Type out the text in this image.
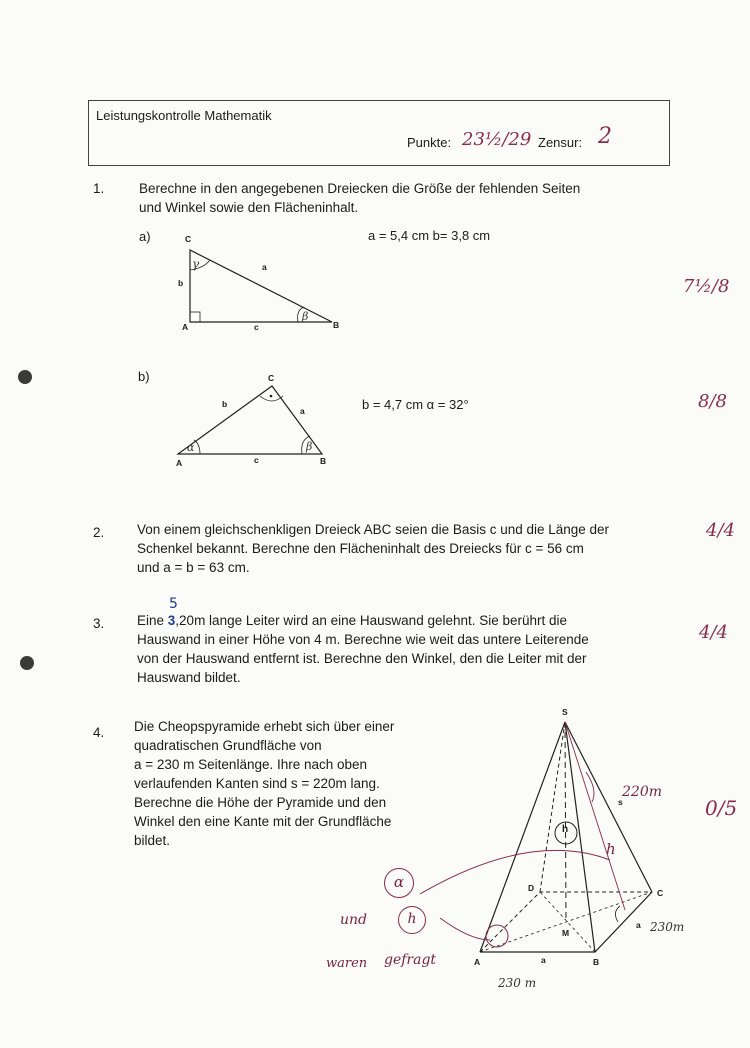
Leistungskontrolle Mathematik
Punkte: 23½/29 Zensur: 2
1.	Berechne in den angegebenen Dreiecken die Größe der fehlenden Seiten
und Winkel sowie den Flächeninhalt.
a)	a = 5,4 cm b= 3,8 cm
7½/8
γ
β
C
A	B
a
b
c
b)
b = 4,7 cm α = 32°	8/8
α	β
C
A	B
a
b
c
2. Von einem gleichschenkligen Dreieck ABC seien die Basis c und die Länge der
Schenkel bekannt. Berechne den Flächeninhalt des Dreiecks für c = 56 cm
und a = b = 63 cm.
4/4
3. Eine 3,20m lange Leiter wird an eine Hauswand gelehnt. Sie berührt die
5
Hauswand in einer Höhe von 4 m. Berechne wie weit das untere Leiterende
von der Hauswand entfernt ist. Berechne den Winkel, den die Leiter mit der
Hauswand bildet.
4/4
4. Die Cheopspyramide erhebt sich über einer
quadratischen Grundfläche von
a = 230 m Seitenlänge. Ihre nach oben
verlaufenden Kanten sind s = 220m lang.
Berechne die Höhe der Pyramide und den
Winkel den eine Kante mit der Grundfläche
bildet.
0/5
S
A	B
C
D
M
a
a
s
h
220m
h
230m
230 m
α
und	h
waren gefragt
